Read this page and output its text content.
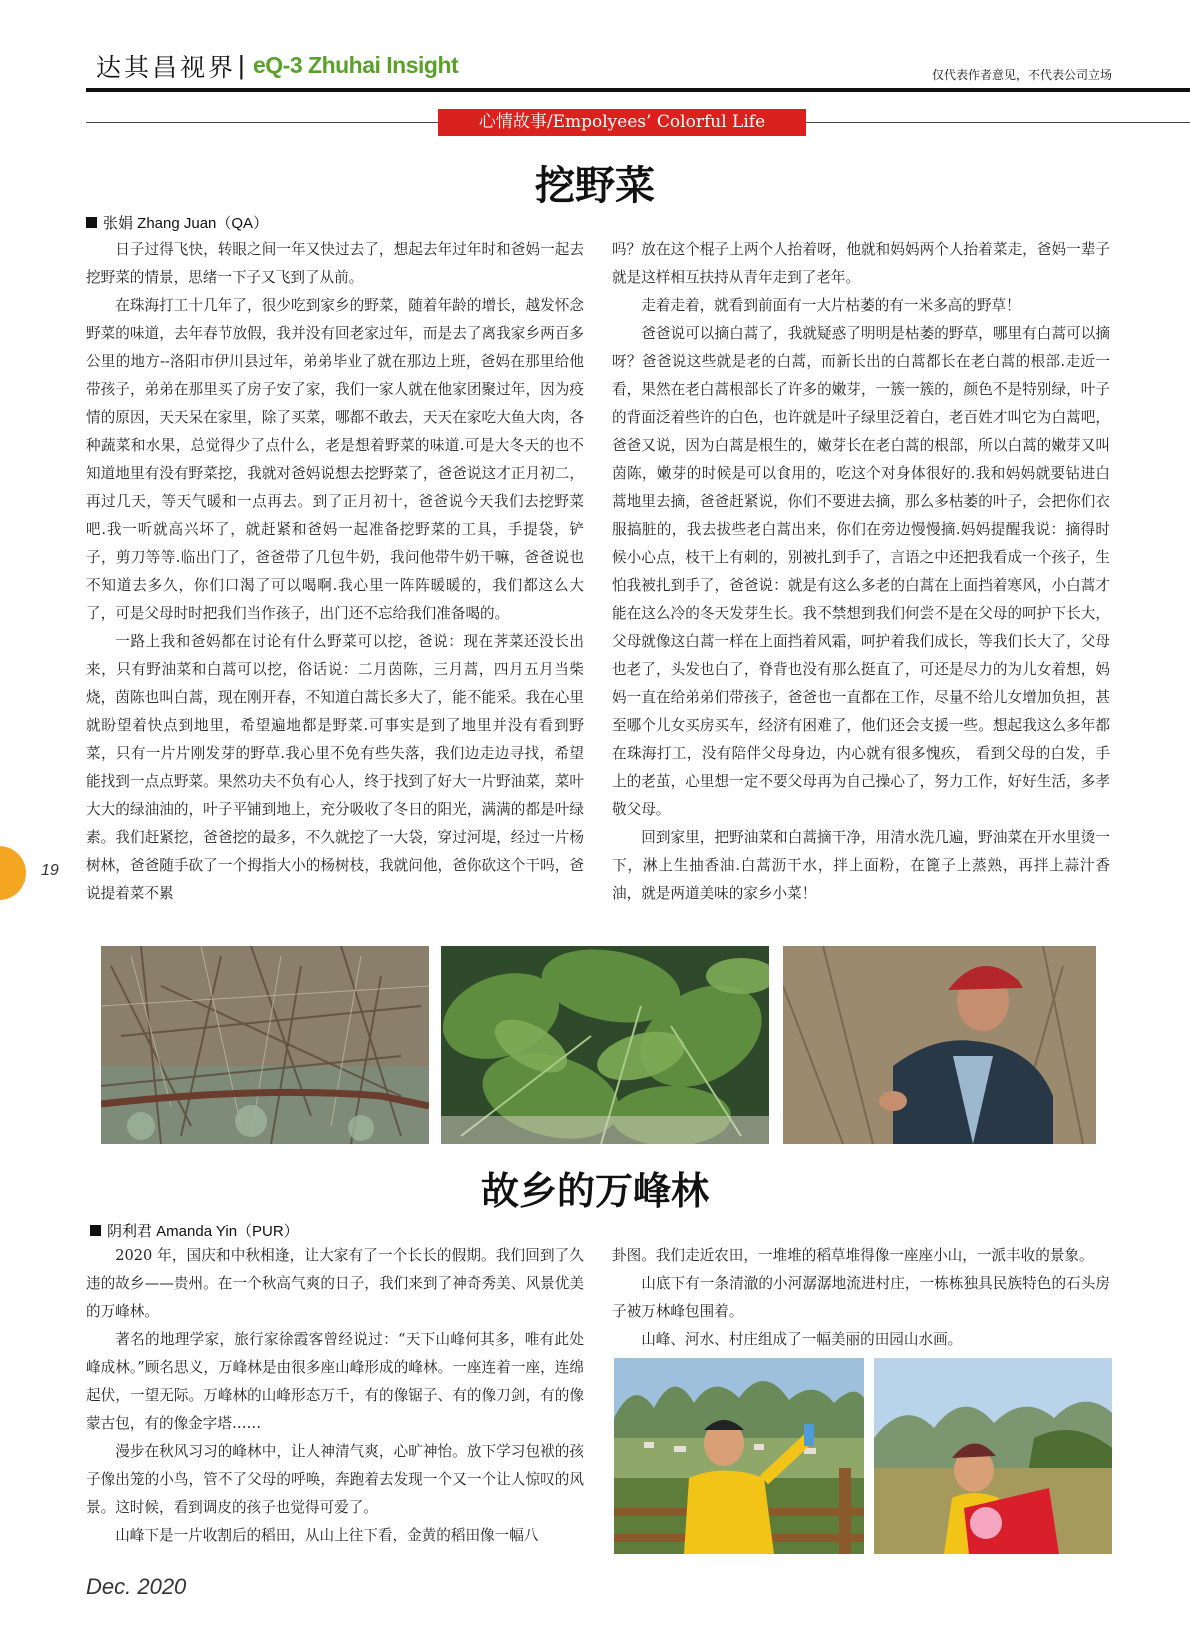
达其昌视界 | eQ-3 Zhuhai Insight	仅代表作者意见，不代表公司立场
心情故事/Empolyees’ Colorful Life
挖野菜
张娟 Zhang Juan（QA）

日子过得飞快，转眼之间一年又快过去了，想起去年过年时和爸妈一起去挖野菜的情景，思绪一下子又飞到了从前。

在珠海打工十几年了，很少吃到家乡的野菜，随着年龄的增长，越发怀念野菜的味道，去年春节放假，我并没有回老家过年，而是去了离我家乡两百多公里的地方--洛阳市伊川县过年，弟弟毕业了就在那边上班，爸妈在那里给他带孩子，弟弟在那里买了房子安了家，我们一家人就在他家团聚过年，因为疫情的原因，天天呆在家里，除了买菜，哪都不敢去，天天在家吃大鱼大肉，各种蔬菜和水果，总觉得少了点什么，老是想着野菜的味道.可是大冬天的也不知道地里有没有野菜挖，我就对爸妈说想去挖野菜了，爸爸说这才正月初二，再过几天，等天气暖和一点再去。到了正月初十，爸爸说今天我们去挖野菜吧.我一听就高兴坏了，就赶紧和爸妈一起准备挖野菜的工具，手提袋，铲子，剪刀等等.临出门了，爸爸带了几包牛奶，我问他带牛奶干嘛，爸爸说也不知道去多久，你们口渴了可以喝啊.我心里一阵阵暖暖的，我们都这么大了，可是父母时时把我们当作孩子，出门还不忘给我们准备喝的。

一路上我和爸妈都在讨论有什么野菜可以挖，爸说：现在荠菜还没长出来，只有野油菜和白蒿可以挖，俗话说：二月茵陈，三月蒿，四月五月当柴烧，茵陈也叫白蒿，现在刚开春，不知道白蒿长多大了，能不能采。我在心里就盼望着快点到地里，希望遍地都是野菜.可事实是到了地里并没有看到野菜，只有一片片刚发芽的野草.我心里不免有些失落，我们边走边寻找，希望能找到一点点野菜。果然功夫不负有心人，终于找到了好大一片野油菜，菜叶大大的绿油油的，叶子平铺到地上，充分吸收了冬日的阳光，满满的都是叶绿素。我们赶紧挖，爸爸挖的最多，不久就挖了一大袋，穿过河堤，经过一片杨树林，爸爸随手砍了一个拇指大小的杨树枝，我就问他，爸你砍这个干吗，爸说提着菜不累

吗？放在这个棍子上两个人抬着呀，他就和妈妈两个人抬着菜走，爸妈一辈子就是这样相互扶持从青年走到了老年。

走着走着，就看到前面有一大片枯萎的有一米多高的野草！

爸爸说可以摘白蒿了，我就疑惑了明明是枯萎的野草，哪里有白蒿可以摘呀？爸爸说这些就是老的白蒿，而新长出的白蒿都长在老白蒿的根部.走近一看，果然在老白蒿根部长了许多的嫩芽，一簇一簇的，颜色不是特别绿，叶子的背面泛着些许的白色，也许就是叶子绿里泛着白，老百姓才叫它为白蒿吧，爸爸又说，因为白蒿是根生的，嫩芽长在老白蒿的根部，所以白蒿的嫩芽又叫茵陈，嫩芽的时候是可以食用的，吃这个对身体很好的.我和妈妈就要钻进白蒿地里去摘，爸爸赶紧说，你们不要进去摘，那么多枯萎的叶子，会把你们衣服搞脏的，我去拔些老白蒿出来，你们在旁边慢慢摘.妈妈提醒我说：摘得时候小心点，枝干上有刺的，别被扎到手了，言语之中还把我看成一个孩子，生怕我被扎到手了，爸爸说：就是有这么多老的白蒿在上面挡着寒风，小白蒿才能在这么冷的冬天发芽生长。我不禁想到我们何尝不是在父母的呵护下长大，父母就像这白蒿一样在上面挡着风霜，呵护着我们成长，等我们长大了，父母也老了，头发也白了，脊背也没有那么挺直了，可还是尽力的为儿女着想，妈妈一直在给弟弟们带孩子，爸爸也一直都在工作，尽量不给儿女增加负担，甚至哪个儿女买房买车，经济有困难了，他们还会支援一些。想起我这么多年都在珠海打工，没有陪伴父母身边，内心就有很多愧疚， 看到父母的白发，手上的老茧，心里想一定不要父母再为自己操心了，努力工作，好好生活，多孝敬父母。

回到家里，把野油菜和白蒿摘干净，用清水洗几遍，野油菜在开水里烫一下，淋上生抽香油.白蒿沥干水，拌上面粉，在篦子上蒸熟，再拌上蒜汁香油，就是两道美味的家乡小菜！

故乡的万峰林
阴利君 Amanda Yin（PUR）

2020 年，国庆和中秋相逢，让大家有了一个长长的假期。我们回到了久违的故乡——贵州。在一个秋高气爽的日子，我们来到了神奇秀美、风景优美的万峰林。

著名的地理学家，旅行家徐霞客曾经说过：“天下山峰何其多，唯有此处峰成林。”顾名思义，万峰林是由很多座山峰形成的峰林。一座连着一座，连绵起伏，一望无际。万峰林的山峰形态万千，有的像锯子、有的像刀剑，有的像蒙古包，有的像金字塔……

漫步在秋风习习的峰林中，让人神清气爽，心旷神怡。放下学习包袱的孩子像出笼的小鸟，管不了父母的呼唤，奔跑着去发现一个又一个让人惊叹的风景。这时候，看到调皮的孩子也觉得可爱了。

山峰下是一片收割后的稻田，从山上往下看，金黄的稻田像一幅八

卦图。我们走近农田，一堆堆的稻草堆得像一座座小山，一派丰收的景象。

山底下有一条清澈的小河潺潺地流进村庄，一栋栋独具民族特色的石头房子被万林峰包围着。

山峰、河水、村庄组成了一幅美丽的田园山水画。

19
Dec. 2020
